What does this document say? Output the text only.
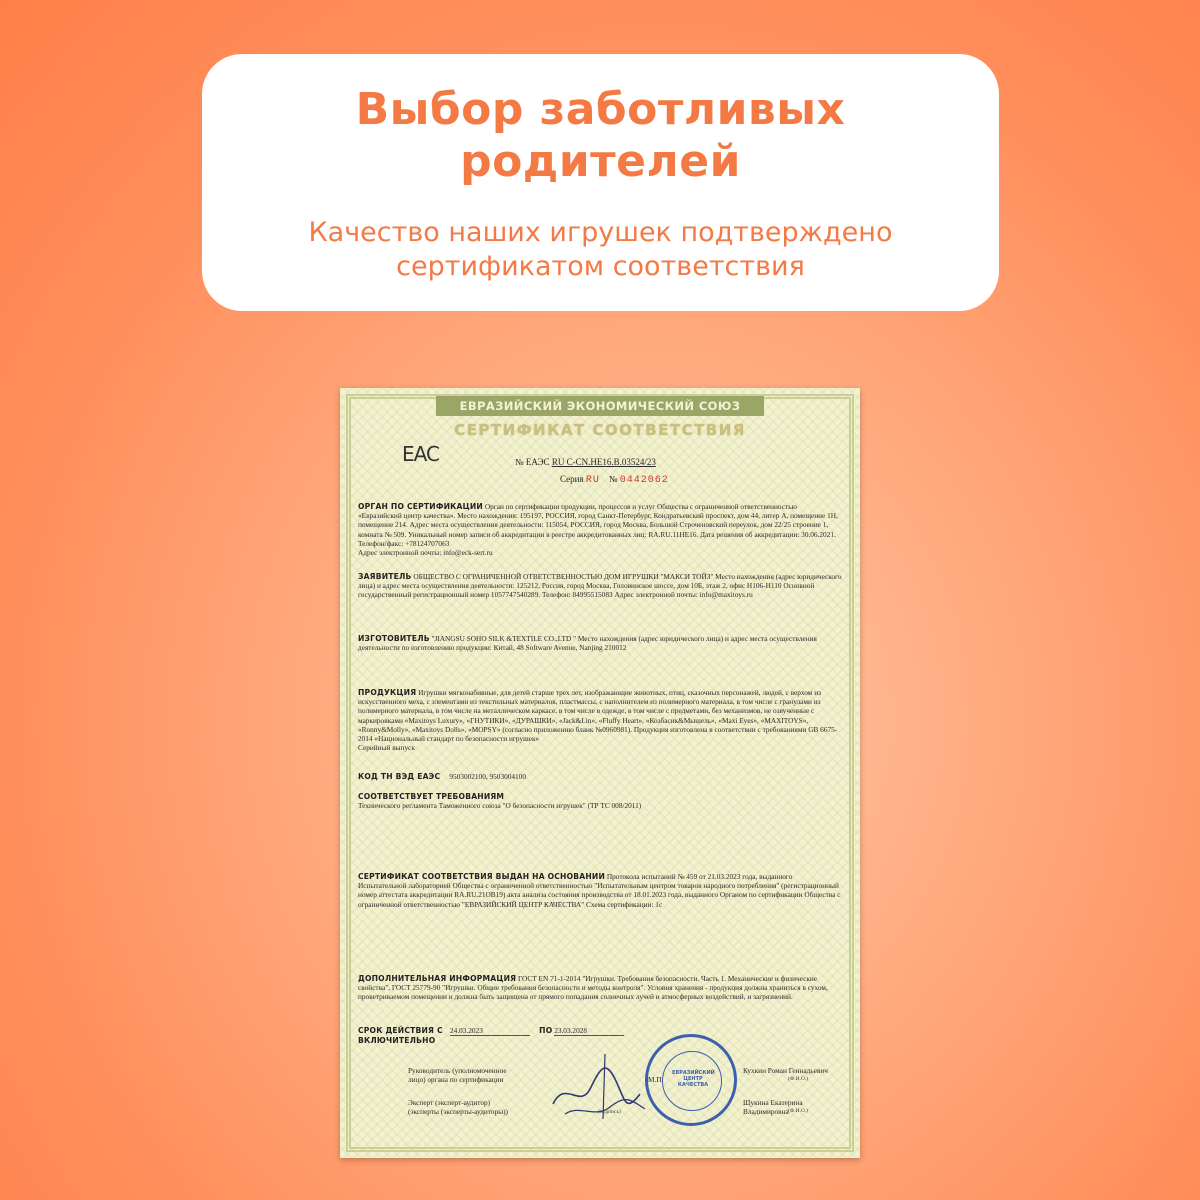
Выбор заботливых
родителей
Качество наших игрушек подтверждено
сертификатом соответствия
ЕВРАЗИЙСКИЙ ЭКОНОМИЧЕСКИЙ СОЮЗ
СЕРТИФИКАТ СООТВЕТСТВИЯ
EAC	№ ЕАЭС RU C-CN.HE16.B.03524/23
Серия RU № 0442062
ОРГАН ПО СЕРТИФИКАЦИИ Орган по сертификации продукции, процессов и услуг Общества с ограниченной ответственностью «Евразийский центр качества». Место нахождения: 195197, РОССИЯ, город Санкт-Петербург, Кондратьевский проспект, дом 44, литер А, помещение 1Н, помещение 214. Адрес места осуществления деятельности: 115054, РОССИЯ, город Москва, Большой Строченовский переулок, дом 22/25 строение 1, комната № 509. Уникальный номер записи об аккредитации в реестре аккредитованных лиц: RA.RU.11HE16. Дата решения об аккредитации: 30.06.2021.
Телефон/факс: +78124707063
Адрес электронной почты: info@eck-sert.ru
ЗАЯВИТЕЛЬ ОБЩЕСТВО С ОГРАНИЧЕННОЙ ОТВЕТСТВЕННОСТЬЮ ДОМ ИГРУШКИ "МАКСИ ТОЙЗ" Место нахождения (адрес юридического лица) и адрес места осуществления деятельности: 125212, Россия, город Москва, Головинское шоссе, дом 10Б, этаж 2, офис Н106-Н110 Основной государственный регистрационный номер 1057747540289. Телефон: 84995515083 Адрес электронной почты: info@maxitoys.ru
ИЗГОТОВИТЕЛЬ "JIANGSU SOHO SILK &TEXTILE CO.,LTD " Место нахождения (адрес юридического лица) и адрес места осуществления деятельности по изготовлению продукции: Китай, 48 Software Avenue, Nanjing 210012
ПРОДУКЦИЯ Игрушки мягконабивные, для детей старше трех лет, изображающие животных, птиц, сказочных персонажей, людей, с верхом из искусственного меха, с элементами из текстильных материалов, пластмассы, с наполнителем из полимерного материала, в том числе с гранулами из полимерного материала, в том числе на металлическом каркасе, в том числе в одежде, в том числе с предметами, без механизмов, не озвученные с маркировками «Maxitoys Luxury», «ГНУТИКИ», «ДУРАШКИ», «Jack&Lin», «Fluffy Heart», «Козбасик&Мышель», «Maxi Eyes», «MAXITOYS», «Ronny&Molly», «Maxitoys Dolls», «MOPSY» (согласно приложению бланк №0960981). Продукция изготовлена в соответствии с требованиями GB 6675-2014 «Национальный стандарт по безопасности игрушек»
Серийный выпуск
КОД ТН ВЭД ЕАЭС 9503002100, 9503004100
СООТВЕТСТВУЕТ ТРЕБОВАНИЯМ
Технического регламента Таможенного союза "О безопасности игрушек" (ТР ТС 008/2011)
СЕРТИФИКАТ СООТВЕТСТВИЯ ВЫДАН НА ОСНОВАНИИ Протокола испытаний № 459 от 21.03.2023 года, выданного Испытательной лабораторией Общества с ограниченной ответственностью "Испытательным центром товаров народного потребления" (регистрационный номер аттестата аккредитации RA.RU.21OB19) акта анализа состояния производства от 18.01.2023 года, выданного Органом по сертификации Общества с ограниченной ответственностью "ЕВРАЗИЙСКИЙ ЦЕНТР КАЧЕСТВА" Схема сертификации: 1с
ДОПОЛНИТЕЛЬНАЯ ИНФОРМАЦИЯ ГОСТ EN 71-1-2014 "Игрушки. Требования безопасности. Часть 1. Механические и физические свойства", ГОСТ 25779-90 "Игрушки. Общие требования безопасности и методы контроля". Условия хранения - продукция должна храниться в сухом, проветриваемом помещении и должна быть защищена от прямого попадания солнечных лучей и атмосферных воздействий, и загрязнений.
СРОК ДЕЙСТВИЯ С 24.03.2023	ПО 23.03.2028
ВКЛЮЧИТЕЛЬНО
Руководитель (уполномоченное
лицо) органа по сертификации	М.П.
Кухкин Роман Геннадьевич
(Ф.И.О.)
Эксперт (эксперт-аудитор)
(эксперты (эксперты-аудиторы))	(подпись)
Щукина Екатерина Владимировна (Ф.И.О.)
ЕВРАЗИЙСКИЙ ЦЕНТР КАЧЕСТВА
